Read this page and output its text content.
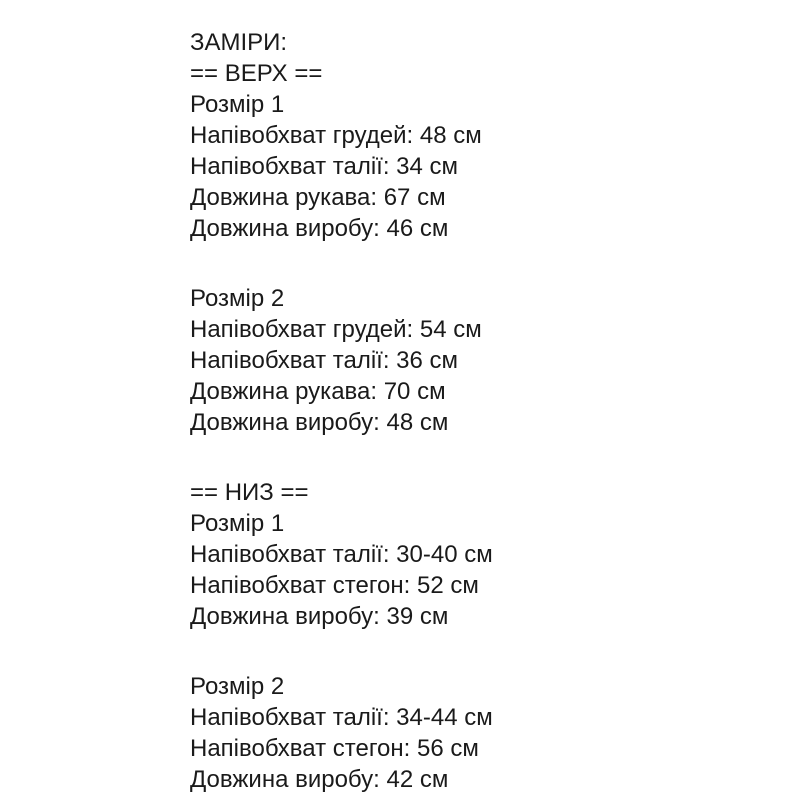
ЗАМІРИ:
== ВЕРХ ==
Розмір 1
Напівобхват грудей: 48 см
Напівобхват талії: 34 см
Довжина рукава: 67 см
Довжина виробу: 46 см
Розмір 2
Напівобхват грудей: 54 см
Напівобхват талії: 36 см
Довжина рукава: 70 см
Довжина виробу: 48 см
== НИЗ ==
Розмір 1
Напівобхват талії: 30-40 см
Напівобхват стегон: 52 см
Довжина виробу: 39 см
Розмір 2
Напівобхват талії: 34-44 см
Напівобхват стегон: 56 см
Довжина виробу: 42 см
